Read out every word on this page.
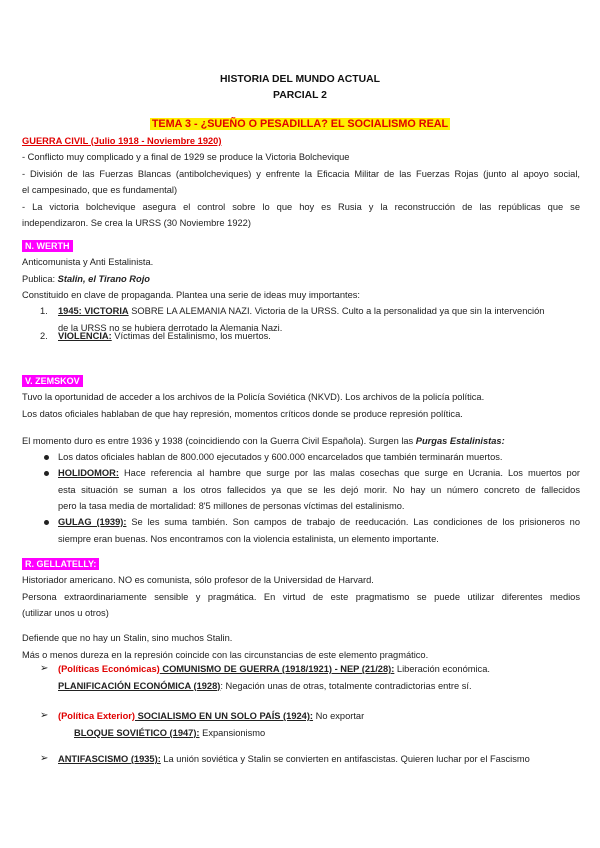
HISTORIA DEL MUNDO ACTUAL
PARCIAL 2
TEMA 3 - ¿SUEÑO O PESADILLA? EL SOCIALISMO REAL
GUERRA CIVIL (Julio 1918 - Noviembre 1920)
- Conflicto muy complicado y a final de 1929 se produce la Victoria Bolchevique
- División de las Fuerzas Blancas (antibolcheviques) y enfrente la Eficacia Militar de las Fuerzas Rojas (junto al apoyo social,
el campesinado, que es fundamental)
- La victoria bolchevique asegura el control sobre lo que hoy es Rusia y la reconstrucción de las repúblicas que se
independizaron. Se crea la URSS (30 Noviembre 1922)
N. WERTH
Anticomunista y Anti Estalinista.
Publica: Stalin, el Tirano Rojo
Constituido en clave de propaganda. Plantea una serie de ideas muy importantes:
1. 1945: VICTORIA SOBRE LA ALEMANIA NAZI. Victoria de la URSS. Culto a la personalidad ya que sin la intervención
de la URSS no se hubiera derrotado la Alemania Nazi.
2.	VIOLENCIA: Víctimas del Estalinismo, los muertos.
V. ZEMSKOV
Tuvo la oportunidad de acceder a los archivos de la Policía Soviética (NKVD). Los archivos de la policía política.
Los datos oficiales hablaban de que hay represión, momentos críticos donde se produce represión política.
El momento duro es entre 1936 y 1938 (coincidiendo con la Guerra Civil Española). Surgen las Purgas Estalinistas:
Los datos oficiales hablan de 800.000 ejecutados y 600.000 encarcelados que también terminarán muertos.
HOLIDOMOR: Hace referencia al hambre que surge por las malas cosechas que surge en Ucrania. Los muertos por
esta situación se suman a los otros fallecidos ya que se les dejó morir. No hay un número concreto de fallecidos
pero la tasa media de mortalidad: 8'5 millones de personas víctimas del estalinismo.
GULAG (1939): Se les suma también. Son campos de trabajo de reeducación. Las condiciones de los prisioneros no
siempre eran buenas. Nos encontramos con la violencia estalinista, un elemento importante.
R. GELLATELLY:
Historiador americano. NO es comunista, sólo profesor de la Universidad de Harvard.
Persona extraordinariamente sensible y pragmática. En virtud de este pragmatismo se puede utilizar diferentes medios
(utilizar unos u otros)
Defiende que no hay un Stalin, sino muchos Stalin.
Más o menos dureza en la represión coincide con las circunstancias de este elemento pragmático.
➢ (Políticas Económicas) COMUNISMO DE GUERRA (1918/1921) - NEP (21/28): Liberación económica.
PLANIFICACIÓN ECONÓMICA (1928): Negación unas de otras, totalmente contradictorias entre sí.
➢ (Política Exterior) SOCIALISMO EN UN SOLO PAÍS (1924): No exportar
BLOQUE SOVIÉTICO (1947): Expansionismo
➢	ANTIFASCISMO (1935): La unión soviética y Stalin se convierten en antifascistas. Quieren luchar por el Fascismo
